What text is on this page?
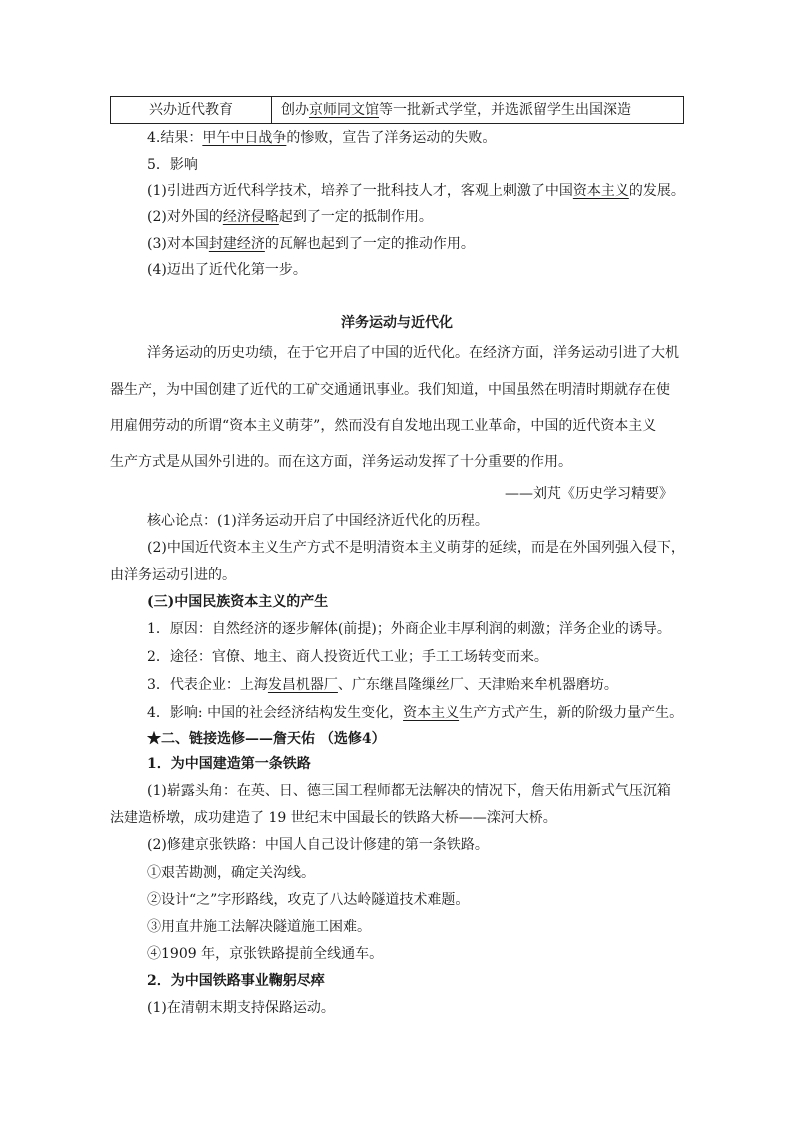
兴办近代教育	创办京师同文馆等一批新式学堂，并选派留学生出国深造
4.结果：甲午中日战争的惨败，宣告了洋务运动的失败。
5．影响
(1)引进西方近代科学技术，培养了一批科技人才，客观上刺激了中国资本主义的发展。
(2)对外国的经济侵略起到了一定的抵制作用。
(3)对本国封建经济的瓦解也起到了一定的推动作用。
(4)迈出了近代化第一步。
洋务运动与近代化
洋务运动的历史功绩，在于它开启了中国的近代化。在经济方面，洋务运动引进了大机
器生产，为中国创建了近代的工矿交通通讯事业。我们知道，中国虽然在明清时期就存在使
用雇佣劳动的所谓“资本主义萌芽”，然而没有自发地出现工业革命，中国的近代资本主义
生产方式是从国外引进的。而在这方面，洋务运动发挥了十分重要的作用。
——刘芃《历史学习精要》
核心论点：(1)洋务运动开启了中国经济近代化的历程。
(2)中国近代资本主义生产方式不是明清资本主义萌芽的延续，而是在外国列强入侵下，
由洋务运动引进的。
(三)中国民族资本主义的产生
1．原因：自然经济的逐步解体(前提)；外商企业丰厚利润的刺激；洋务企业的诱导。
2．途径：官僚、地主、商人投资近代工业；手工工场转变而来。
3．代表企业：上海发昌机器厂、广东继昌隆缫丝厂、天津贻来牟机器磨坊。
4．影响: 中国的社会经济结构发生变化，资本主义生产方式产生，新的阶级力量产生。
★二、链接选修——詹天佑 （选修4）
1．为中国建造第一条铁路
(1)崭露头角：在英、日、德三国工程师都无法解决的情况下，詹天佑用新式气压沉箱
法建造桥墩，成功建造了 19 世纪末中国最长的铁路大桥——滦河大桥。
(2)修建京张铁路：中国人自己设计修建的第一条铁路。
①艰苦勘测，确定关沟线。
②设计“之”字形路线，攻克了八达岭隧道技术难题。
③用直井施工法解决隧道施工困难。
④1909 年，京张铁路提前全线通车。
2．为中国铁路事业鞠躬尽瘁
(1)在清朝末期支持保路运动。
